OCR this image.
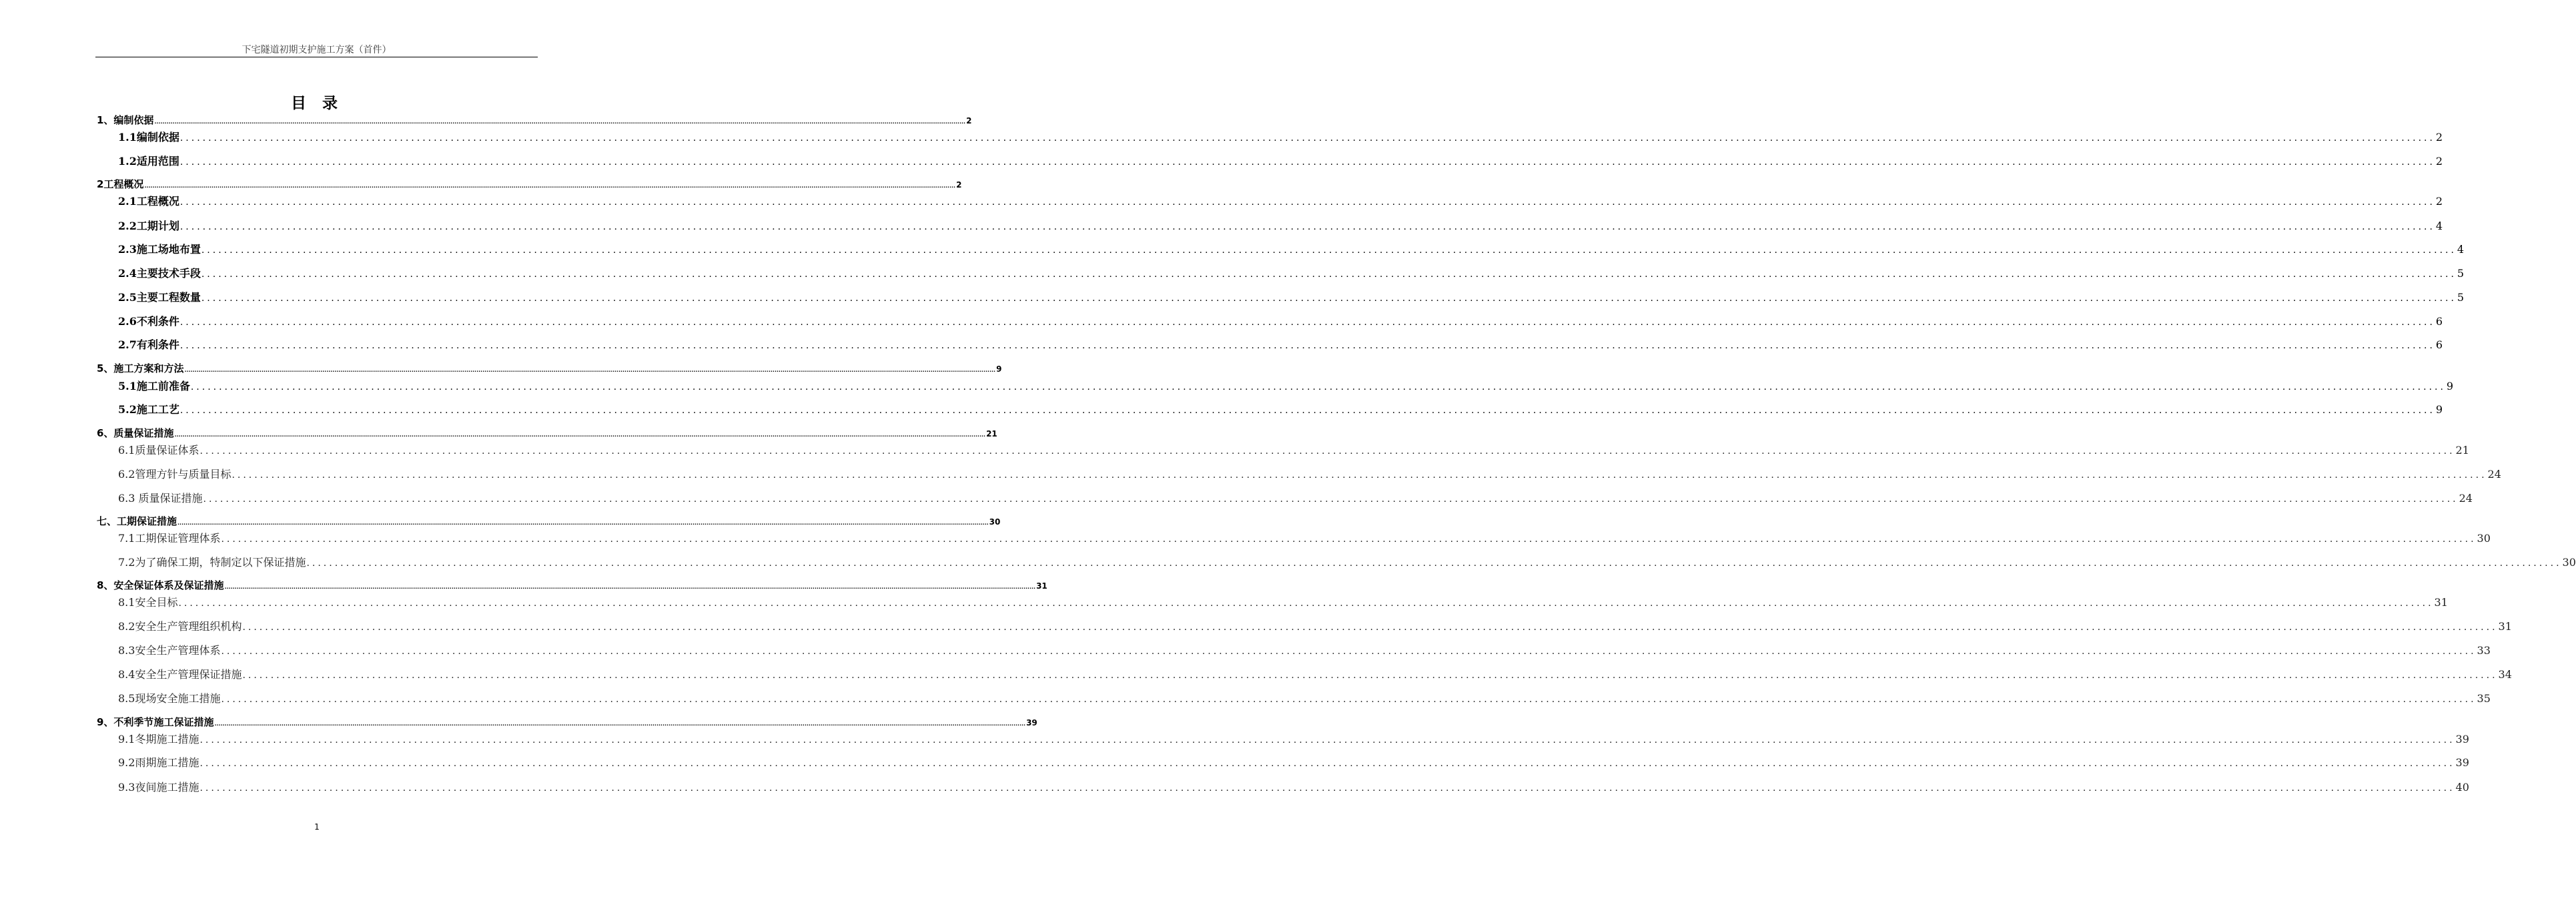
下宅隧道初期支护施工方案（首件）
目 录
1、编制依据 ................................................................................................................................................................................................................................................................................................................................................................................................................ 2
1.1编制依据 ................................................................................................................................................................................................................................................................................................................................................................................................................ 2
1.2适用范围 ................................................................................................................................................................................................................................................................................................................................................................................................................ 2
2工程概况 ................................................................................................................................................................................................................................................................................................................................................................................................................ 2
2.1工程概况 ................................................................................................................................................................................................................................................................................................................................................................................................................ 2
2.2工期计划 ................................................................................................................................................................................................................................................................................................................................................................................................................ 4
2.3施工场地布置 ................................................................................................................................................................................................................................................................................................................................................................................................................ 4
2.4主要技术手段 ................................................................................................................................................................................................................................................................................................................................................................................................................ 5
2.5主要工程数量 ................................................................................................................................................................................................................................................................................................................................................................................................................ 5
2.6不利条件 ................................................................................................................................................................................................................................................................................................................................................................................................................ 6
2.7有利条件 ................................................................................................................................................................................................................................................................................................................................................................................................................ 6
5、施工方案和方法 ................................................................................................................................................................................................................................................................................................................................................................................................................ 9
5.1施工前准备 ................................................................................................................................................................................................................................................................................................................................................................................................................ 9
5.2施工工艺 ................................................................................................................................................................................................................................................................................................................................................................................................................ 9
6、质量保证措施 ................................................................................................................................................................................................................................................................................................................................................................................................................ 21
6.1质量保证体系 ................................................................................................................................................................................................................................................................................................................................................................................................................ 21
6.2管理方针与质量目标 ................................................................................................................................................................................................................................................................................................................................................................................................................ 24
6.3 质量保证措施 ................................................................................................................................................................................................................................................................................................................................................................................................................ 24
七、工期保证措施 ................................................................................................................................................................................................................................................................................................................................................................................................................ 30
7.1工期保证管理体系 ................................................................................................................................................................................................................................................................................................................................................................................................................ 30
7.2为了确保工期，特制定以下保证措施 ................................................................................................................................................................................................................................................................................................................................................................................................................ 30
8、安全保证体系及保证措施 ................................................................................................................................................................................................................................................................................................................................................................................................................ 31
8.1安全目标 ................................................................................................................................................................................................................................................................................................................................................................................................................ 31
8.2安全生产管理组织机构 ................................................................................................................................................................................................................................................................................................................................................................................................................ 31
8.3安全生产管理体系 ................................................................................................................................................................................................................................................................................................................................................................................................................ 33
8.4安全生产管理保证措施 ................................................................................................................................................................................................................................................................................................................................................................................................................ 34
8.5现场安全施工措施 ................................................................................................................................................................................................................................................................................................................................................................................................................ 35
9、不利季节施工保证措施 ................................................................................................................................................................................................................................................................................................................................................................................................................ 39
9.1冬期施工措施 ................................................................................................................................................................................................................................................................................................................................................................................................................ 39
9.2雨期施工措施 ................................................................................................................................................................................................................................................................................................................................................................................................................ 39
9.3夜间施工措施 ................................................................................................................................................................................................................................................................................................................................................................................................................ 40
1
